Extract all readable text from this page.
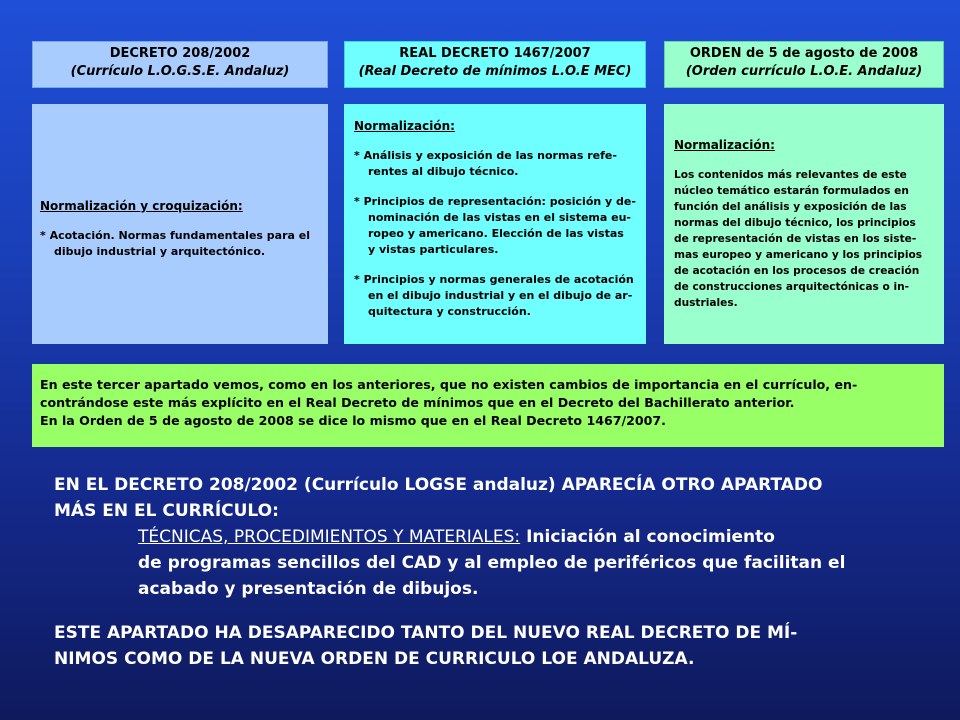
DECRETO 208/2002
(Currículo L.O.G.S.E. Andaluz)
REAL DECRETO 1467/2007
(Real Decreto de mínimos L.O.E MEC)
ORDEN de 5 de agosto de 2008
(Orden currículo L.O.E. Andaluz)
Normalización y croquización:
* Acotación. Normas fundamentales para el
dibujo industrial y arquitectónico.
Normalización:
* Análisis y exposición de las normas refe-
rentes al dibujo técnico.
* Principios de representación: posición y de-
nominación de las vistas en el sistema eu-
ropeo y americano. Elección de las vistas
y vistas particulares.
* Principios y normas generales de acotación
en el dibujo industrial y en el dibujo de ar-
quitectura y construcción.
Normalización:
Los contenidos más relevantes de este
núcleo temático estarán formulados en
función del análisis y exposición de las
normas del dibujo técnico, los principios
de representación de vistas en los siste-
mas europeo y americano y los principios
de acotación en los procesos de creación
de construcciones arquitectónicas o in-
dustriales.
En este tercer apartado vemos, como en los anteriores, que no existen cambios de importancia en el currículo, en-
contrándose este más explícito en el Real Decreto de mínimos que en el Decreto del Bachillerato anterior.
En la Orden de 5 de agosto de 2008 se dice lo mismo que en el Real Decreto 1467/2007.
EN EL DECRETO 208/2002 (Currículo LOGSE andaluz) APARECÍA OTRO APARTADO
MÁS EN EL CURRÍCULO:
TÉCNICAS, PROCEDIMIENTOS Y MATERIALES: Iniciación al conocimiento
de programas sencillos del CAD y al empleo de periféricos que facilitan el
acabado y presentación de dibujos.
ESTE APARTADO HA DESAPARECIDO TANTO DEL NUEVO REAL DECRETO DE MÍ-
NIMOS COMO DE LA NUEVA ORDEN DE CURRICULO LOE ANDALUZA.
